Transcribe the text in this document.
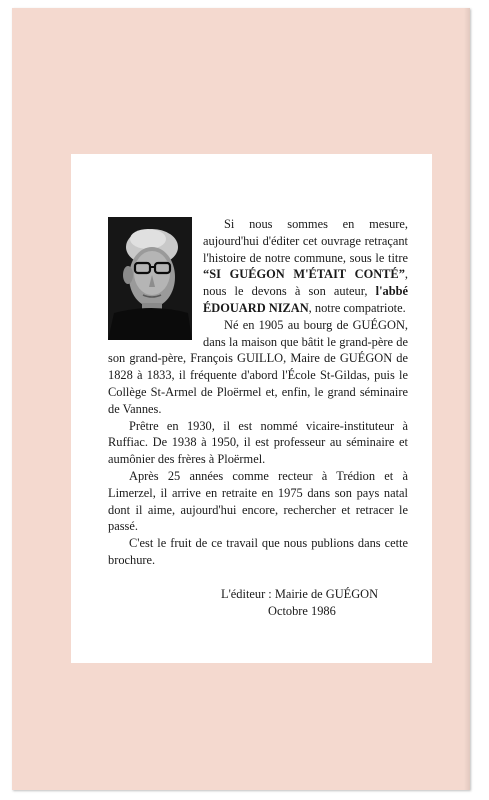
Si nous sommes en mesure, aujourd'hui d'éditer cet ouvrage retraçant l'histoire de notre commune, sous le titre “SI GUÉGON M'ÉTAIT CONTÉ”, nous le devons à son auteur, l'abbé ÉDOUARD NIZAN, notre compatriote.

Né en 1905 au bourg de GUÉGON, dans la maison que bâtit le grand-père de son grand-père, François GUILLO, Maire de GUÉGON de 1828 à 1833, il fréquente d'abord l'École St-Gildas, puis le Collège St-Armel de Ploërmel et, enfin, le grand séminaire de Vannes.

Prêtre en 1930, il est nommé vicaire-instituteur à Ruffiac. De 1938 à 1950, il est professeur au séminaire et aumônier des frères à Ploërmel.

Après 25 années comme recteur à Trédion et à Limerzel, il arrive en retraite en 1975 dans son pays natal dont il aime, aujourd'hui encore, rechercher et retracer le passé.

C'est le fruit de ce travail que nous publions dans cette brochure.

L'éditeur : Mairie de GUÉGON
Octobre 1986
